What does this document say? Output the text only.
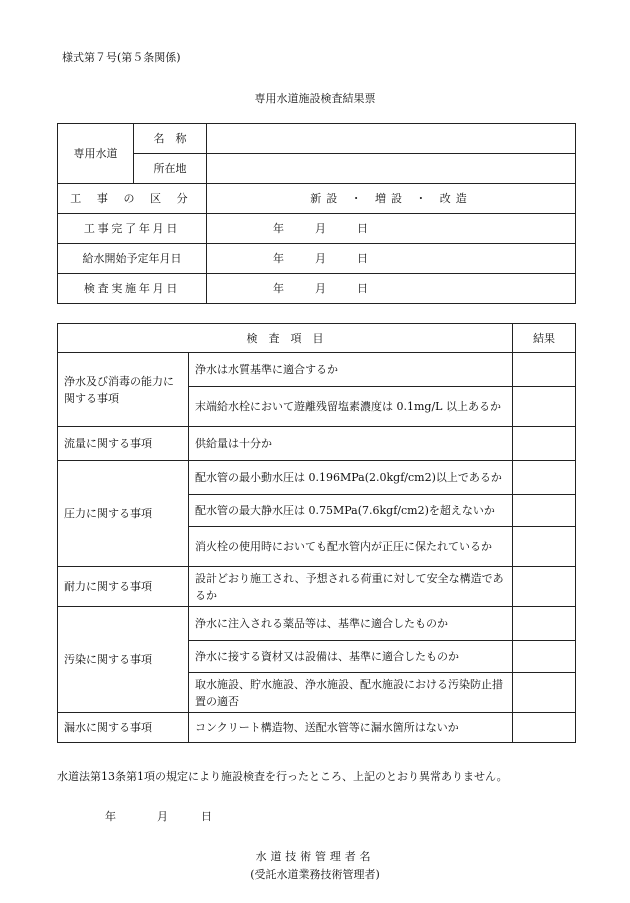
様式第７号(第５条関係)
専用水道施設検査結果票
専用水道	名　称	
	所在地	
工 事 の 区 分		新設 ・ 増設 ・ 改造
工事完了年月日		年 月 日
給水開始予定年月日		年 月 日
検査実施年月日		年 月 日
検　査　項　目		結果
浄水及び消毒の能力に関する事項	浄水は水質基準に適合するか	
	末端給水栓において遊離残留塩素濃度は 0.1mg/L 以上あるか	
流量に関する事項	供給量は十分か	
圧力に関する事項	配水管の最小動水圧は 0.196MPa(2.0kgf/cm2)以上であるか	
	配水管の最大静水圧は 0.75MPa(7.6kgf/cm2)を超えないか	
	消火栓の使用時においても配水管内が正圧に保たれているか	
耐力に関する事項	設計どおり施工され、予想される荷重に対して安全な構造であるか	
汚染に関する事項	浄水に注入される薬品等は、基準に適合したものか	
	浄水に接する資材又は設備は、基準に適合したものか	
	取水施設、貯水施設、浄水施設、配水施設における汚染防止措置の適否	
漏水に関する事項	コンクリート構造物、送配水管等に漏水箇所はないか	
水道法第13条第1項の規定により施設検査を行ったところ、上記のとおり異常ありません。
年	月	日
水道技術管理者名
(受託水道業務技術管理者)
